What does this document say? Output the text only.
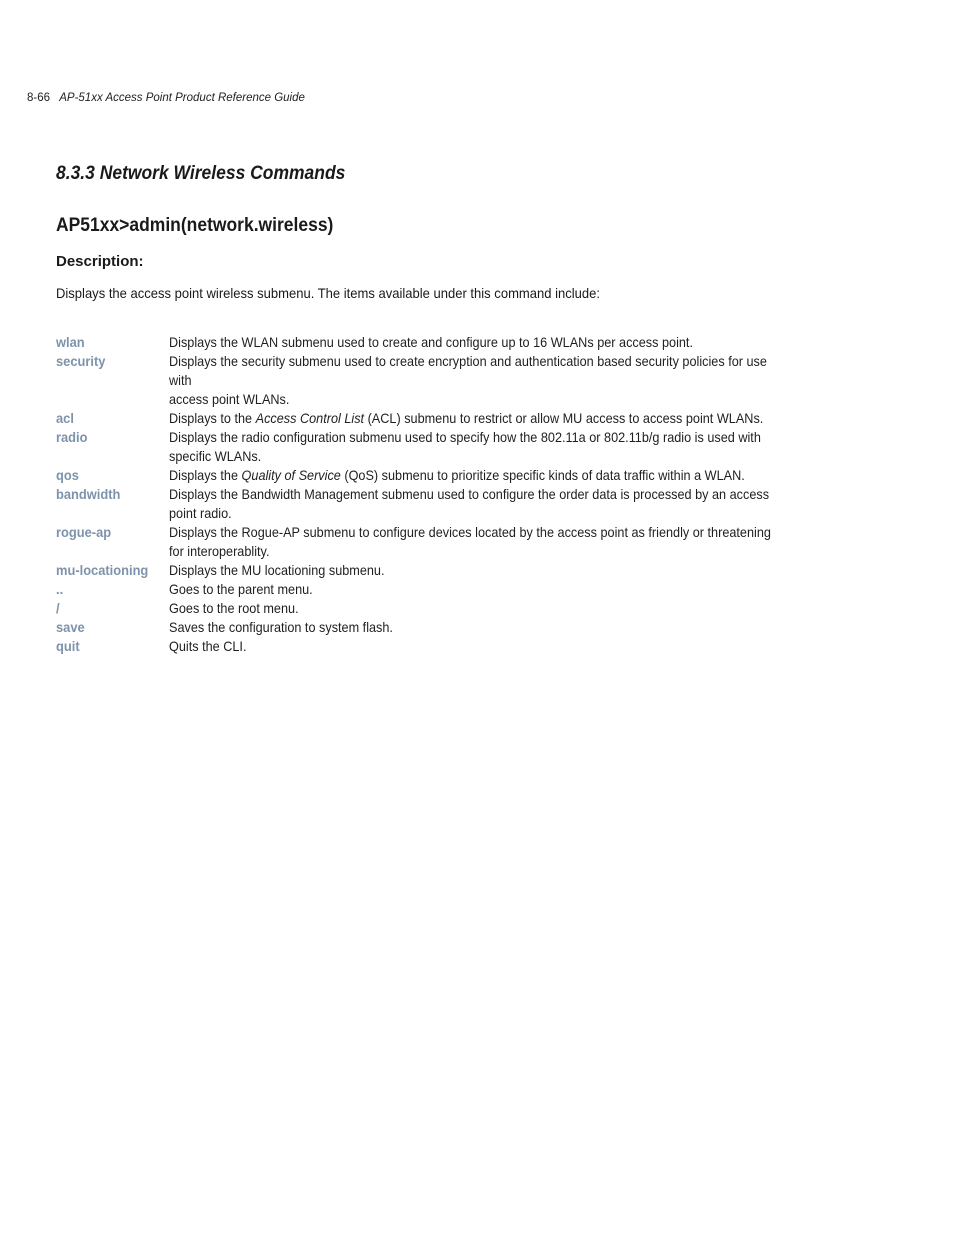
8-66 AP-51xx Access Point Product Reference Guide
8.3.3 Network Wireless Commands
AP51xx>admin(network.wireless)
Description:

Displays the access point wireless submenu. The items available under this command include:

wlan	Displays the WLAN submenu used to create and configure up to 16 WLANs per access point.
security	Displays the security submenu used to create encryption and authentication based security policies for use
with
access point WLANs.
acl	Displays to the Access Control List (ACL) submenu to restrict or allow MU access to access point WLANs.
radio	Displays the radio configuration submenu used to specify how the 802.11a or 802.11b/g radio is used with
specific WLANs.
qos	Displays the Quality of Service (QoS) submenu to prioritize specific kinds of data traffic within a WLAN.
bandwidth	Displays the Bandwidth Management submenu used to configure the order data is processed by an access
point radio.
rogue-ap	Displays the Rogue-AP submenu to configure devices located by the access point as friendly or threatening
for interoperablity.
mu-locationing	Displays the MU locationing submenu.
..	Goes to the parent menu.
/	Goes to the root menu.
save	Saves the configuration to system flash.
quit	Quits the CLI.
